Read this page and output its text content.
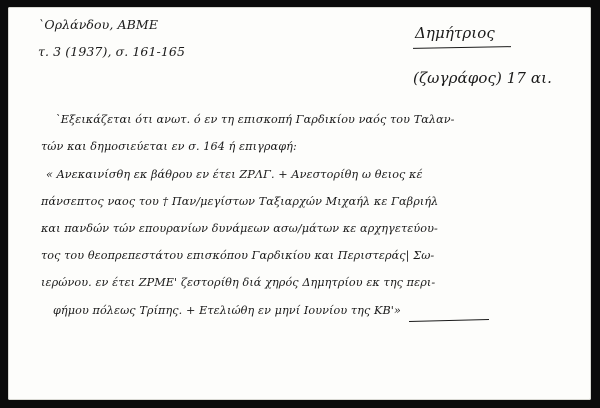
`Ορλάνδου, ΑΒΜΕ
τ. 3 (1937), σ. 161-165
Δημήτριος
(ζωγράφος) 17 αι.
`Εξεικάζεται ότι ανωτ. ό εν τη επισκοπή Γαρδικίου ναός του Ταλαν-
τών και δημοσιεύεται εν σ. 164 ή επιγραφή:
« Ανεκαινίσθη εκ βάθρου εν έτει ΖΡΛΓ. + Ανεστορίθη ω θειος κέ
πάνσεπτος ναος του † Παν/μεγίστων Ταξιαρχών Μιχαήλ κε Γαβριήλ
και πανδών τών επουρανίων δυνάμεων ασω/μάτων κε αρχηγετεύου-
τος του θεοπρεπεστάτου επισκόπου Γαρδικίου και Περιστεράς| Σω-
ιερώνου. εν έτει ΖΡΜΕ' ζεστορίθη διά χηρός Δημητρίου εκ της περι-
φήμου πόλεως Τρίπης. + Ετελιώθη εν μηνί Ιουνίου της ΚΒ'»
